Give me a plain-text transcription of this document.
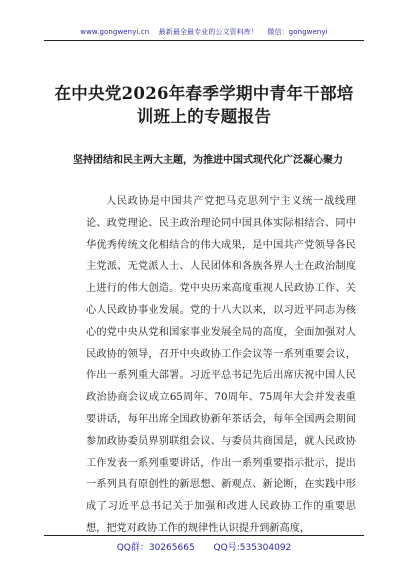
www.gongwenyi.cn 最新最全最专业的公文资料库！ 微信：gongwenyi
在中央党2026年春季学期中青年干部培训班上的专题报告
坚持团结和民主两大主题，为推进中国式现代化广泛凝心聚力

人民政协是中国共产党把马克思列宁主义统一战线理论、政党理论、民主政治理论同中国具体实际相结合、同中华优秀传统文化相结合的伟大成果，是中国共产党领导各民主党派、无党派人士、人民团体和各族各界人士在政治制度上进行的伟大创造。党中央历来高度重视人民政协工作、关心人民政协事业发展。党的十八大以来，以习近平同志为核心的党中央从党和国家事业发展全局的高度，全面加强对人民政协的领导，召开中央政协工作会议等一系列重要会议，作出一系列重大部署。习近平总书记先后出席庆祝中国人民政治协商会议成立65周年、70周年、75周年大会并发表重要讲话，每年出席全国政协新年茶话会，每年全国两会期间参加政协委员界别联组会议、与委员共商国是，就人民政协工作发表一系列重要讲话，作出一系列重要指示批示，提出一系列具有原创性的新思想、新观点、新论断，在实践中形成了习近平总书记关于加强和改进人民政协工作的重要思想，把党对政协工作的规律性认识提升到新高度，

QQ群：30265665 QQ号:535304092
